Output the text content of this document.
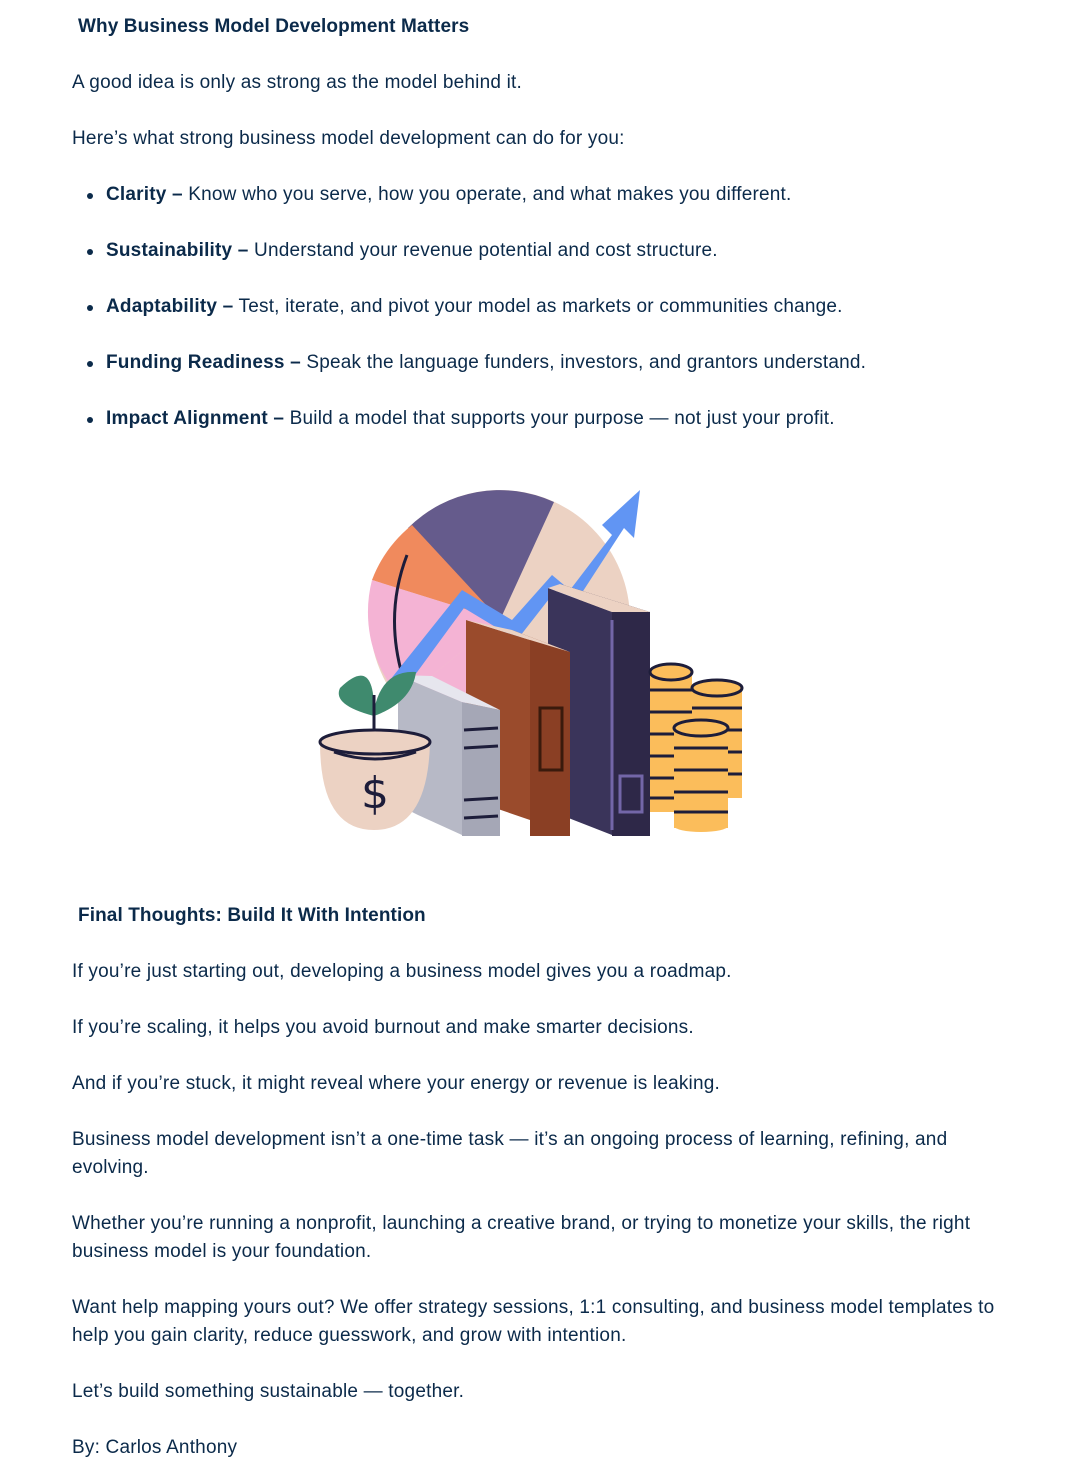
Why Business Model Development Matters

A good idea is only as strong as the model behind it.

Here’s what strong business model development can do for you:

Clarity – Know who you serve, how you operate, and what makes you different.
Sustainability – Understand your revenue potential and cost structure.
Adaptability – Test, iterate, and pivot your model as markets or communities change.
Funding Readiness – Speak the language funders, investors, and grantors understand.
Impact Alignment – Build a model that supports your purpose — not just your profit.
Final Thoughts: Build It With Intention

If you’re just starting out, developing a business model gives you a roadmap.

If you’re scaling, it helps you avoid burnout and make smarter decisions.

And if you’re stuck, it might reveal where your energy or revenue is leaking.

Business model development isn’t a one-time task — it’s an ongoing process of learning, refining, and evolving.

Whether you’re running a nonprofit, launching a creative brand, or trying to monetize your skills, the right business model is your foundation.

Want help mapping yours out? We offer strategy sessions, 1:1 consulting, and business model templates to help you gain clarity, reduce guesswork, and grow with intention.

Let’s build something sustainable — together.

By: Carlos Anthony

$
